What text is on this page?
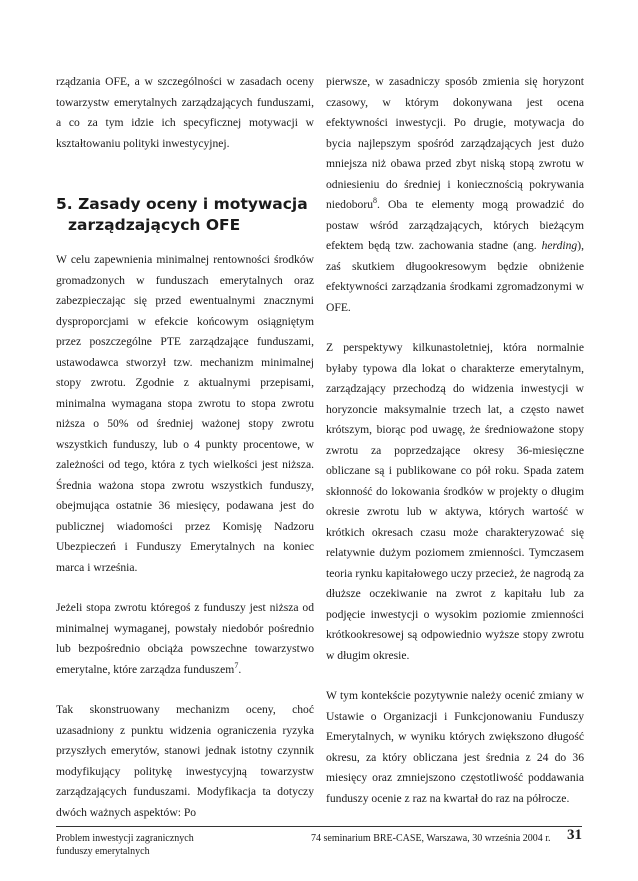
rządzania OFE, a w szczególności w zasadach oceny towarzystw emerytalnych zarządzających funduszami, a co za tym idzie ich specyficznej motywacji w kształtowaniu polityki inwestycyjnej.

5. Zasady oceny i motywacja
zarządzających OFE

W celu zapewnienia minimalnej rentowności środków gromadzonych w funduszach emerytalnych oraz zabezpieczając się przed ewentualnymi znacznymi dysproporcjami w efekcie końcowym osiągniętym przez poszczególne PTE zarządzające funduszami, ustawodawca stworzył tzw. mechanizm minimalnej stopy zwrotu. Zgodnie z aktualnymi przepisami, minimalna wymagana stopa zwrotu to stopa zwrotu niższa o 50% od średniej ważonej stopy zwrotu wszystkich funduszy, lub o 4 punkty procentowe, w zależności od tego, która z tych wielkości jest niższa. Średnia ważona stopa zwrotu wszystkich funduszy, obejmująca ostatnie 36 miesięcy, podawana jest do publicznej wiadomości przez Komisję Nadzoru Ubezpieczeń i Funduszy Emerytalnych na koniec marca i września.

Jeżeli stopa zwrotu któregoś z funduszy jest niższa od minimalnej wymaganej, powstały niedobór pośrednio lub bezpośrednio obciąża powszechne towarzystwo emerytalne, które zarządza funduszem$^7$.

Tak skonstruowany mechanizm oceny, choć uzasadniony z punktu widzenia ograniczenia ryzyka przyszłych emerytów, stanowi jednak istotny czynnik modyfikujący politykę inwestycyjną towarzystw zarządzających funduszami. Modyfikacja ta dotyczy dwóch ważnych aspektów: Po

pierwsze, w zasadniczy sposób zmienia się horyzont czasowy, w którym dokonywana jest ocena efektywności inwestycji. Po drugie, motywacja do bycia najlepszym spośród zarządzających jest dużo mniejsza niż obawa przed zbyt niską stopą zwrotu w odniesieniu do średniej i koniecznością pokrywania niedoboru$^8$. Oba te elementy mogą prowadzić do postaw wśród zarządzających, których bieżącym efektem będą tzw. zachowania stadne (ang. herding), zaś skutkiem długookresowym będzie obniżenie efektywności zarządzania środkami zgromadzonymi w OFE.

Z perspektywy kilkunastoletniej, która normalnie byłaby typowa dla lokat o charakterze emerytalnym, zarządzający przechodzą do widzenia inwestycji w horyzoncie maksymalnie trzech lat, a często nawet krótszym, biorąc pod uwagę, że średnioważone stopy zwrotu za poprzedzające okresy 36-miesięczne obliczane są i publikowane co pół roku. Spada zatem skłonność do lokowania środków w projekty o długim okresie zwrotu lub w aktywa, których wartość w krótkich okresach czasu może charakteryzować się relatywnie dużym poziomem zmienności. Tymczasem teoria rynku kapitałowego uczy przecież, że nagrodą za dłuższe oczekiwanie na zwrot z kapitału lub za podjęcie inwestycji o wysokim poziomie zmienności krótkookresowej są odpowiednio wyższe stopy zwrotu w długim okresie.

W tym kontekście pozytywnie należy ocenić zmiany w Ustawie o Organizacji i Funkcjonowaniu Funduszy Emerytalnych, w wyniku których zwiększono długość okresu, za który obliczana jest średnia z 24 do 36 miesięcy oraz zmniejszono częstotliwość poddawania funduszy ocenie z raz na kwartał do raz na półrocze.

Problem inwestycji zagranicznych
funduszy emerytalnych
74 seminarium BRE-CASE, Warszawa, 30 września 2004 r. 31
